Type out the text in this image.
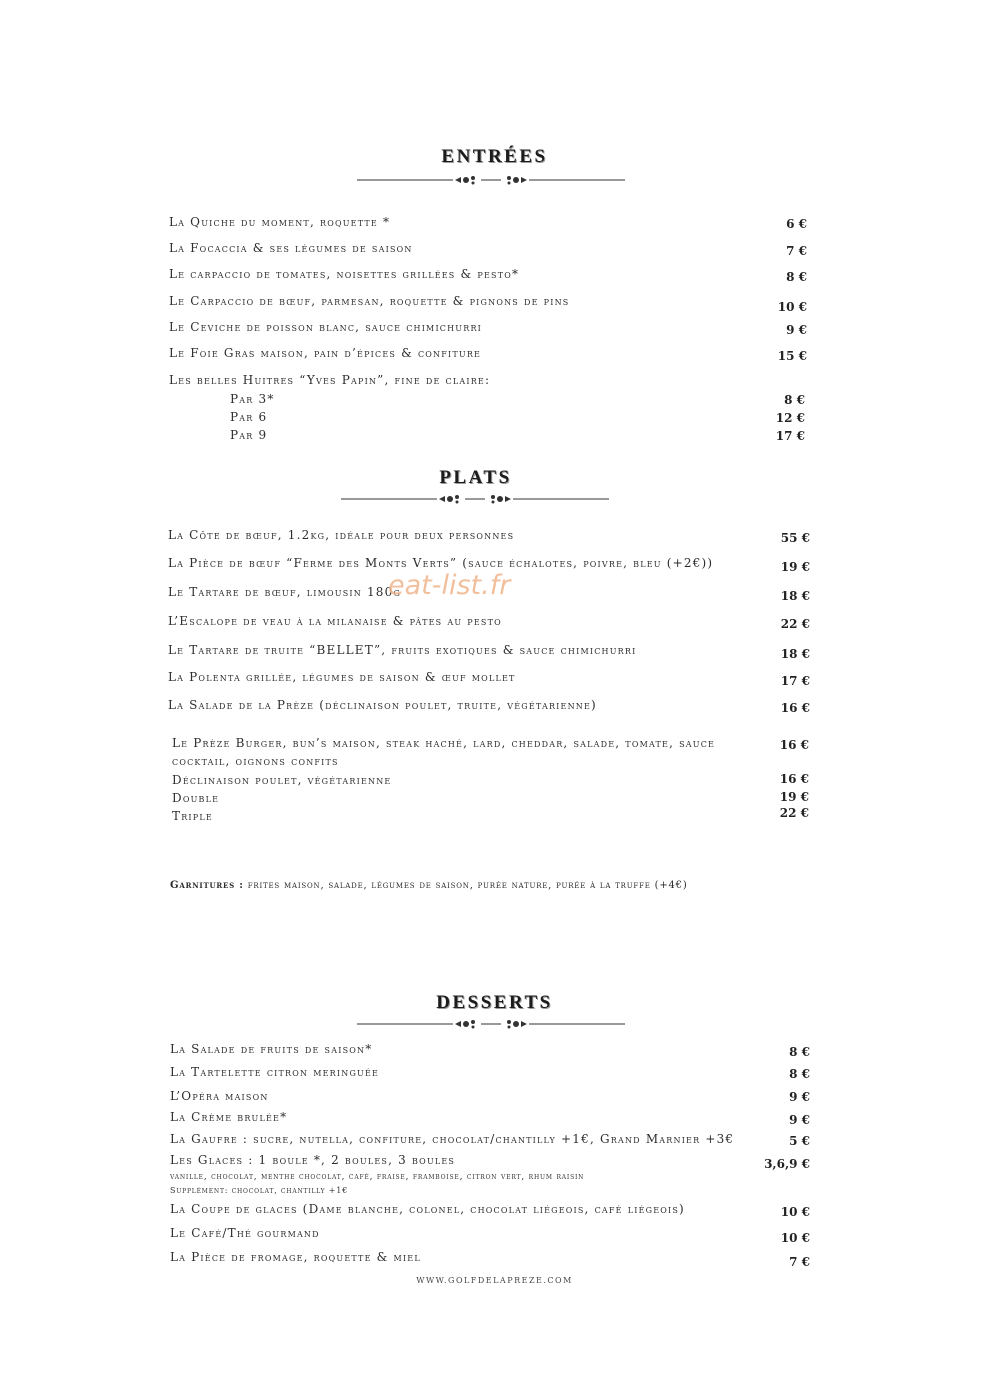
ENTRÉES
La Quiche du moment, roquette *	6 €
La Focaccia & ses légumes de saison	7 €
Le carpaccio de tomates, noisettes grillées & pesto*	8 €
Le Carpaccio de bœuf, parmesan, roquette & pignons de pins	10 €
Le Ceviche de poisson blanc, sauce chimichurri	9 €
Le Foie Gras maison, pain d’épices & confiture	15 €
Les belles Huitres “Yves Papin”, fine de claire:
Par 3*	8 €
Par 6	12 €
Par 9	17 €
PLATS
La Côte de bœuf, 1.2kg, idéale pour deux personnes	55 €
La Pièce de bœuf “Ferme des Monts Verts” (sauce échalotes, poivre, bleu (+2€))	19 €
Le Tartare de bœuf, limousin 180g	18 €
L’Escalope de veau à la milanaise & pâtes au pesto	22 €
Le Tartare de truite “BELLET”, fruits exotiques & sauce chimichurri	18 €
La Polenta grillée, légumes de saison & œuf mollet	17 €
La Salade de la Prèze (déclinaison poulet, truite, végétarienne)	16 €
Le Prèze Burger, bun’s maison, steak haché, lard, cheddar, salade, tomate, sauce	16 €
cocktail, oignons confits
Déclinaison poulet, végétarienne	16 €
Double	19 €
Triple	22 €
Garnitures : frites maison, salade, légumes de saison, purée nature, purée à la truffe (+4€)
DESSERTS
La Salade de fruits de saison*	8 €
La Tartelette citron meringuée	8 €
L’Opéra maison	9 €
La Crème brulée*	9 €
La Gaufre : sucre, nutella, confiture, chocolat/chantilly +1€, Grand Marnier +3€	5 €
Les Glaces : 1 boule *, 2 boules, 3 boules	3,6,9 €
vanille, chocolat, menthe chocolat, café, fraise, framboise, citron vert, rhum raisin
Supplément: chocolat, chantilly +1€
La Coupe de glaces (Dame blanche, colonel, chocolat liégeois, café liégeois)	10 €
Le Café/Thé gourmand	10 €
La Pièce de fromage, roquette & miel	7 €
eat-list.fr
WWW.GOLFDELAPREZE.COM
